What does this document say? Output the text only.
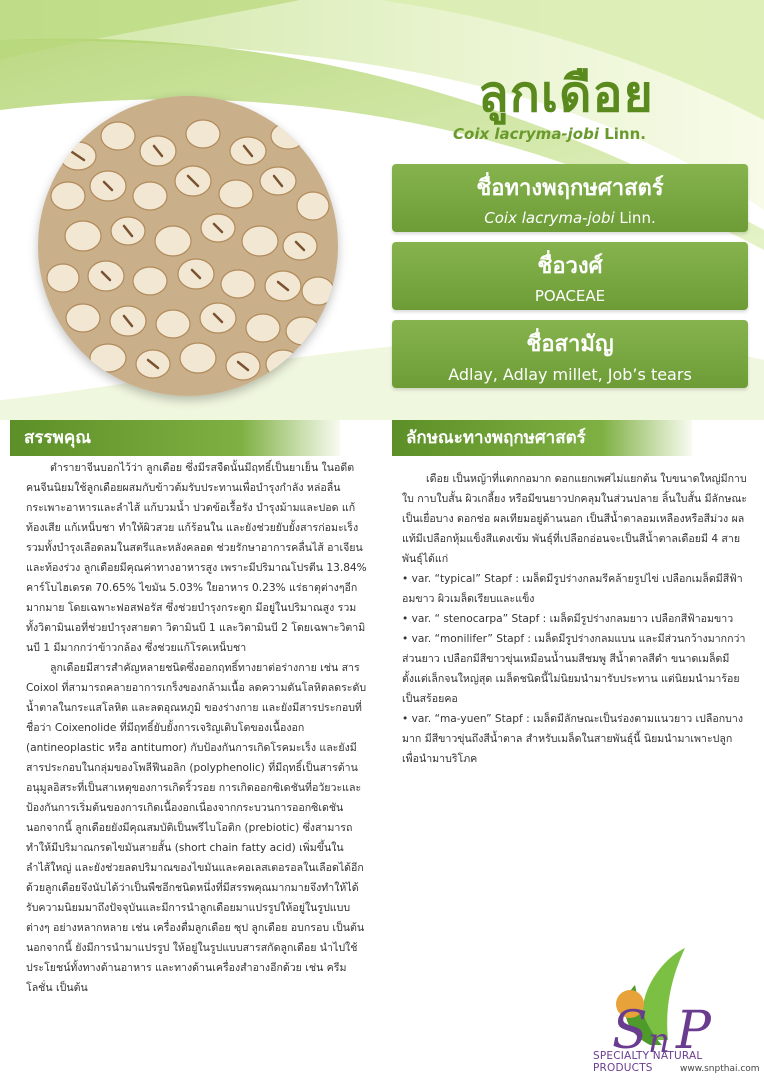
ลูกเดือย
Coix lacryma-jobi Linn.
ชื่อทางพฤกษศาสตร์
Coix lacryma-jobi Linn.
ชื่อวงศ์
POACEAE
ชื่อสามัญ
Adlay, Adlay millet, Job’s tears
สรรพคุณ	ลักษณะทางพฤกษศาสตร์

ตำรายาจีนบอกไว้ว่า ลูกเดือย ซึ่งมีรสจืดนั้นมีฤทธิ์เป็นยาเย็น ในอดีตคนจีนนิยมใช้ลูกเดือยผสมกับข้าวต้มรับประทานเพื่อบำรุงกำลัง หล่อลื่นกระเพาะอาหารและลำไส้ แก้บวมน้ำ ปวดข้อเรื้อรัง บำรุงม้ามและปอด แก้ท้องเสีย แก้เหน็บชา ทำให้ผิวสวย แก้ร้อนใน และยังช่วยยับยั้งสารก่อมะเร็ง รวมทั้งบำรุงเลือดลมในสตรีและหลังคลอด ช่วยรักษาอาการคลื่นไส้ อาเจียนและท้องร่วง ลูกเดือยมีคุณค่าทางอาหารสูง เพราะมีปริมาณโปรตีน 13.84% คาร์โบไฮเดรต 70.65% ไขมัน 5.03% ใยอาหาร 0.23% แร่ธาตุต่างๆอีกมากมาย โดยเฉพาะฟอสฟอรัส ซึ่งช่วยบำรุงกระดูก มีอยู่ในปริมาณสูง รวมทั้งวิตามินเอที่ช่วยบำรุงสายตา วิตามินบี 1 และวิตามินบี 2 โดยเฉพาะวิตามินบี 1 มีมากกว่าข้าวกล้อง ซึ่งช่วยแก้โรคเหน็บชา

ลูกเดือยมีสารสำคัญหลายชนิดซึ่งออกฤทธิ์ทางยาต่อร่างกาย เช่น สาร Coixol ที่สามารถคลายอาการเกร็งของกล้ามเนื้อ ลดความดันโลหิตลดระดับน้ำตาลในกระแสโลหิต และลดอุณหภูมิ ของร่างกาย และยังมีสารประกอบที่ชื่อว่า Coixenolide ที่มีฤทธิ์ยับยั้งการเจริญเติบโตของเนื้องอก (antineoplastic หรือ antitumor) กับป้องกันการเกิดโรคมะเร็ง และยังมีสารประกอบในกลุ่มของโพลีฟีนอลิก (polyphenolic) ที่มีฤทธิ์เป็นสารต้านอนุมูลอิสระที่เป็นสาเหตุของการเกิดริ้วรอย การเกิดออกซิเดชันที่อวัยวะและป้องกันการเริ่มต้นของการเกิดเนื้องอกเนื่องจากกระบวนการออกซิเดชัน นอกจากนี้ ลูกเดือยยังมีคุณสมบัติเป็นพรีไบโอติก (prebiotic) ซึ่งสามารถทำให้มีปริมาณกรดไขมันสายสั้น (short chain fatty acid) เพิ่มขึ้นในลำไส้ใหญ่ และยังช่วยลดปริมาณของไขมันและคอเลสเตอรอลในเลือดได้อีกด้วยลูกเดือยจึงนับได้ว่าเป็นพืชอีกชนิดหนึ่งที่มีสรรพคุณมากมายจึงทำให้ได้รับความนิยมมาถึงปัจจุบันและมีการนำลูกเดือยมาแปรรูปให้อยู่ในรูปแบบต่างๆ อย่างหลากหลาย เช่น เครื่องดื่มลูกเดือย ซุป ลูกเดือย อบกรอบ เป็นต้น นอกจากนี้ ยังมีการนำมาแปรรูป ให้อยู่ในรูปแบบสารสกัดลูกเดือย นำไปใช้ประโยชน์ทั้งทางด้านอาหาร และทางด้านเครื่องสำอางอีกด้วย เช่น ครีม โลชั่น เป็นต้น

เดือย เป็นหญ้าที่แตกกอมาก ดอกแยกเพศไม่แยกต้น ใบขนาดใหญ่มีกาบใบ กาบใบสั้น ผิวเกลี้ยง หรือมีขนยาวปกคลุมในส่วนปลาย ลิ้นใบสั้น มีลักษณะเป็นเยื่อบาง ดอกช่อ ผลเทียมอยู่ด้านนอก เป็นสีน้ำตาลอมเหลืองหรือสีม่วง ผลแท้มีเปลือกหุ้มแข็งสีแดงเข้ม พันธุ์ที่เปลือกอ่อนจะเป็นสีน้ำตาลเดือยมี 4 สายพันธุ์ได้แก่

• var. “typical” Stapf : เมล็ดมีรูปร่างกลมรีคล้ายรูปไข่ เปลือกเมล็ดมีสีฟ้าอมขาว ผิวเมล็ดเรียบและแข็ง
• var. “ stenocarpa” Stapf : เมล็ดมีรูปร่างกลมยาว เปลือกสีฟ้าอมขาว
• var. “monilifer” Stapf : เมล็ดมีรูปร่างกลมแบน และมีส่วนกว้างมากกว่าส่วนยาว เปลือกมีสีขาวขุ่นเหมือนน้ำนมสีชมพู สีน้ำตาลสีดำ ขนาดเมล็ดมีตั้งแต่เล็กจนใหญ่สุด เมล็ดชนิดนี้ไม่นิยมนำมารับประทาน แต่นิยมนำมาร้อยเป็นสร้อยคอ
• var. “ma-yuen” Stapf : เมล็ดมีลักษณะเป็นร่องตามแนวยาว เปลือกบางมาก มีสีขาวขุ่นถึงสีน้ำตาล สำหรับเมล็ดในสายพันธุ์นี้ นิยมนำมาเพาะปลูกเพื่อนำมาบริโภค
S n P
SPECIALTY NATURAL PRODUCTS	www.snpthai.com
